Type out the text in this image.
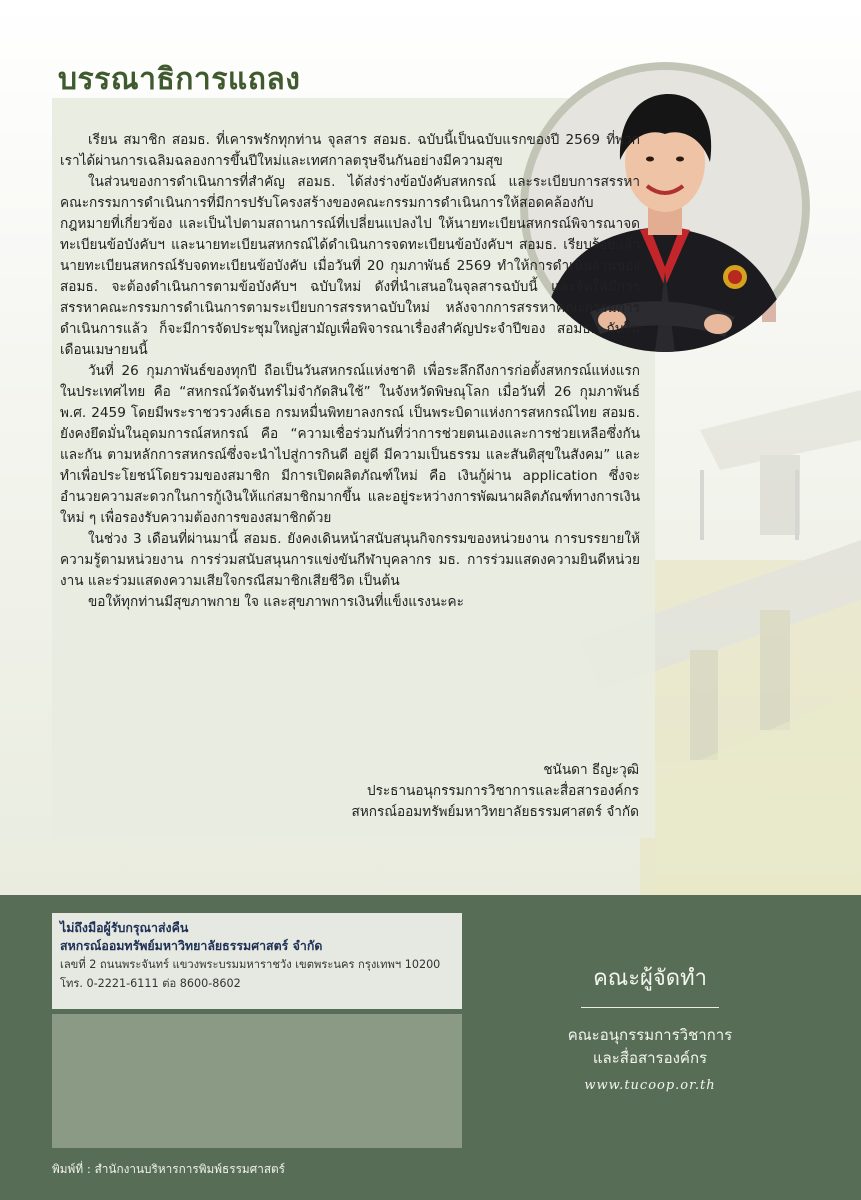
บรรณาธิการแถลง

เรียน สมาชิก สอมธ. ที่เคารพรักทุกท่าน จุลสาร สอมธ. ฉบับนี้เป็นฉบับแรกของปี 2569 ที่พวกเราได้ผ่านการเฉลิมฉลองการขึ้นปีใหม่และเทศกาลตรุษจีนกันอย่างมีความสุข

ในส่วนของการดำเนินการที่สำคัญ สอมธ. ได้ส่งร่างข้อบังคับสหกรณ์ และระเบียบการสรรหาคณะกรรมการดำเนินการที่มีการปรับโครงสร้างของคณะกรรมการดำเนินการให้สอดคล้องกับกฎหมายที่เกี่ยวข้อง และเป็นไปตามสถานการณ์ที่เปลี่ยนแปลงไป ให้นายทะเบียนสหกรณ์พิจารณาจดทะเบียนข้อบังคับฯ และนายทะเบียนสหกรณ์ได้ดำเนินการจดทะเบียนข้อบังคับฯ สอมธ. เรียบร้อยแล้ว นายทะเบียนสหกรณ์รับจดทะเบียนข้อบังคับ เมื่อวันที่ 20 กุมภาพันธ์ 2569 ทำให้การดำเนินงานของ สอมธ. จะต้องดำเนินการตามข้อบังคับฯ ฉบับใหม่ ดังที่นำเสนอในจุลสารฉบับนี้ และจัดให้มีการสรรหาคณะกรรมการดำเนินการตามระเบียบการสรรหาฉบับใหม่ หลังจากการสรรหาคณะกรรมการดำเนินการแล้ว ก็จะมีการจัดประชุมใหญ่สามัญเพื่อพิจารณาเรื่องสำคัญประจำปีของ สอมธ. กันในเดือนเมษายนนี้

วันที่ 26 กุมภาพันธ์ของทุกปี ถือเป็นวันสหกรณ์แห่งชาติ เพื่อระลึกถึงการก่อตั้งสหกรณ์แห่งแรกในประเทศไทย คือ “สหกรณ์วัดจันทร์ไม่จำกัดสินใช้” ในจังหวัดพิษณุโลก เมื่อวันที่ 26 กุมภาพันธ์ พ.ศ. 2459 โดยมีพระราชวรวงศ์เธอ กรมหมื่นพิทยาลงกรณ์ เป็นพระบิดาแห่งการสหกรณ์ไทย สอมธ. ยังคงยึดมั่นในอุดมการณ์สหกรณ์ คือ “ความเชื่อร่วมกันที่ว่าการช่วยตนเองและการช่วยเหลือซึ่งกันและกัน ตามหลักการสหกรณ์ซึ่งจะนำไปสู่การกินดี อยู่ดี มีความเป็นธรรม และสันติสุขในสังคม” และทำเพื่อประโยชน์โดยรวมของสมาชิก มีการเปิดผลิตภัณฑ์ใหม่ คือ เงินกู้ผ่าน application ซึ่งจะอำนวยความสะดวกในการกู้เงินให้แก่สมาชิกมากขึ้น และอยู่ระหว่างการพัฒนาผลิตภัณฑ์ทางการเงินใหม่ ๆ เพื่อรองรับความต้องการของสมาชิกด้วย

ในช่วง 3 เดือนที่ผ่านมานี้ สอมธ. ยังคงเดินหน้าสนับสนุนกิจกรรมของหน่วยงาน การบรรยายให้ความรู้ตามหน่วยงาน การร่วมสนับสนุนการแข่งขันกีฬาบุคลากร มธ. การร่วมแสดงความยินดีหน่วยงาน และร่วมแสดงความเสียใจกรณีสมาชิกเสียชีวิต เป็นต้น

ขอให้ทุกท่านมีสุขภาพกาย ใจ และสุขภาพการเงินที่แข็งแรงนะคะ

ชนันดา ธีญะวุฒิ
ประธานอนุกรรมการวิชาการและสื่อสารองค์กร
สหกรณ์ออมทรัพย์มหาวิทยาลัยธรรมศาสตร์ จำกัด
ไม่ถึงมือผู้รับกรุณาส่งคืน
สหกรณ์ออมทรัพย์มหาวิทยาลัยธรรมศาสตร์ จำกัด
เลขที่ 2 ถนนพระจันทร์ แขวงพระบรมมหาราชวัง เขตพระนคร กรุงเทพฯ 10200
โทร. 0-2221-6111 ต่อ 8600-8602
พิมพ์ที่ : สำนักงานบริหารการพิมพ์ธรรมศาสตร์
คณะผู้จัดทำ
คณะอนุกรรมการวิชาการ
และสื่อสารองค์กร
www.tucoop.or.th
